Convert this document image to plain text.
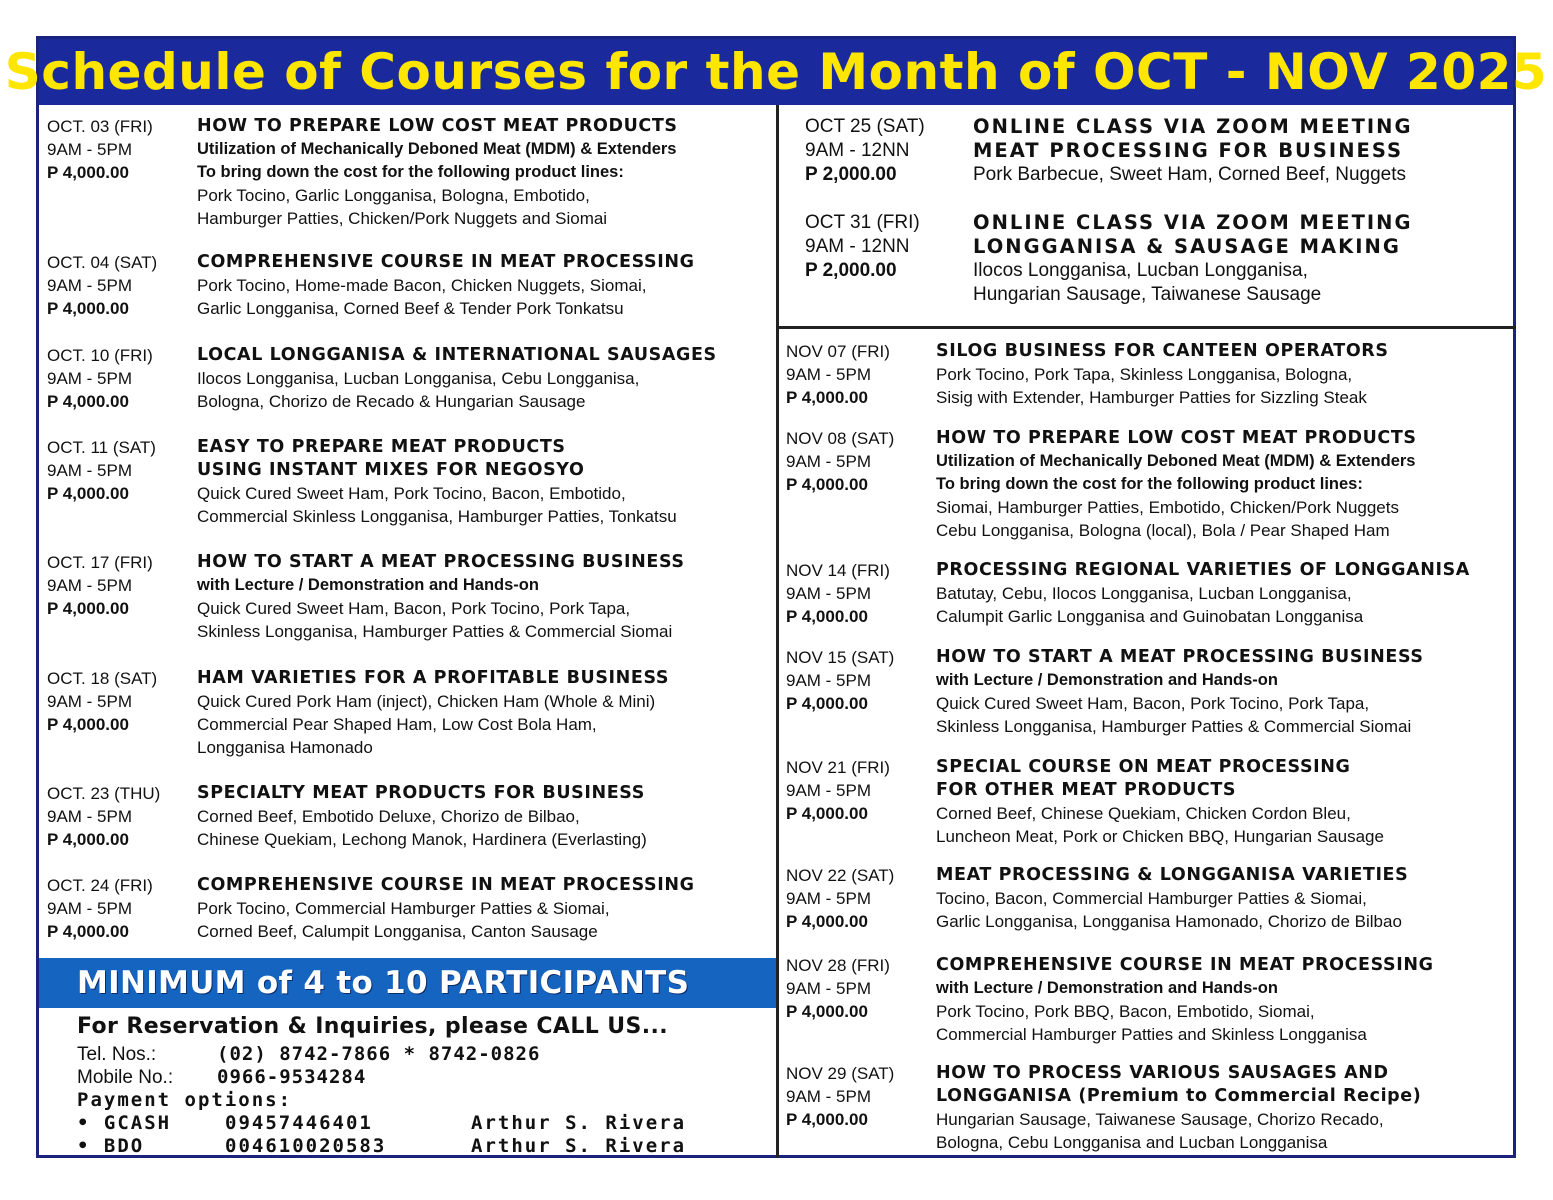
Schedule of Courses for the Month of OCT - NOV 2025
OCT. 03 (FRI)
9AM - 5PM
P 4,000.00
HOW TO PREPARE LOW COST MEAT PRODUCTS
Utilization of Mechanically Deboned Meat (MDM) & Extenders
To bring down the cost for the following product lines:
Pork Tocino, Garlic Longganisa, Bologna, Embotido,
Hamburger Patties, Chicken/Pork Nuggets and Siomai
OCT. 04 (SAT)
9AM - 5PM
P 4,000.00
COMPREHENSIVE COURSE IN MEAT PROCESSING
Pork Tocino, Home-made Bacon, Chicken Nuggets, Siomai,
Garlic Longganisa, Corned Beef & Tender Pork Tonkatsu
OCT. 10 (FRI)
9AM - 5PM
P 4,000.00
LOCAL LONGGANISA & INTERNATIONAL SAUSAGES
Ilocos Longganisa, Lucban Longganisa, Cebu Longganisa,
Bologna, Chorizo de Recado & Hungarian Sausage
OCT. 11 (SAT)
9AM - 5PM
P 4,000.00
EASY TO PREPARE MEAT PRODUCTS
USING INSTANT MIXES FOR NEGOSYO
Quick Cured Sweet Ham, Pork Tocino, Bacon, Embotido,
Commercial Skinless Longganisa, Hamburger Patties, Tonkatsu
OCT. 17 (FRI)
9AM - 5PM
P 4,000.00
HOW TO START A MEAT PROCESSING BUSINESS
with Lecture / Demonstration and Hands-on
Quick Cured Sweet Ham, Bacon, Pork Tocino, Pork Tapa,
Skinless Longganisa, Hamburger Patties & Commercial Siomai
OCT. 18 (SAT)
9AM - 5PM
P 4,000.00
HAM VARIETIES FOR A PROFITABLE BUSINESS
Quick Cured Pork Ham (inject), Chicken Ham (Whole & Mini)
Commercial Pear Shaped Ham, Low Cost Bola Ham,
Longganisa Hamonado
OCT. 23 (THU)
9AM - 5PM
P 4,000.00
SPECIALTY MEAT PRODUCTS FOR BUSINESS
Corned Beef, Embotido Deluxe, Chorizo de Bilbao,
Chinese Quekiam, Lechong Manok, Hardinera (Everlasting)
OCT. 24 (FRI)
9AM - 5PM
P 4,000.00
COMPREHENSIVE COURSE IN MEAT PROCESSING
Pork Tocino, Commercial Hamburger Patties & Siomai,
Corned Beef, Calumpit Longganisa, Canton Sausage
OCT 25 (SAT)
9AM - 12NN
P 2,000.00
ONLINE CLASS VIA ZOOM MEETING
MEAT PROCESSING FOR BUSINESS
Pork Barbecue, Sweet Ham, Corned Beef, Nuggets
OCT 31 (FRI)
9AM - 12NN
P 2,000.00
ONLINE CLASS VIA ZOOM MEETING
LONGGANISA & SAUSAGE MAKING
Ilocos Longganisa, Lucban Longganisa,
Hungarian Sausage, Taiwanese Sausage
NOV 07 (FRI)
9AM - 5PM
P 4,000.00
SILOG BUSINESS FOR CANTEEN OPERATORS
Pork Tocino, Pork Tapa, Skinless Longganisa, Bologna,
Sisig with Extender, Hamburger Patties for Sizzling Steak
NOV 08 (SAT)
9AM - 5PM
P 4,000.00
HOW TO PREPARE LOW COST MEAT PRODUCTS
Utilization of Mechanically Deboned Meat (MDM) & Extenders
To bring down the cost for the following product lines:
Siomai, Hamburger Patties, Embotido, Chicken/Pork Nuggets
Cebu Longganisa, Bologna (local), Bola / Pear Shaped Ham
NOV 14 (FRI)
9AM - 5PM
P 4,000.00
PROCESSING REGIONAL VARIETIES OF LONGGANISA
Batutay, Cebu, Ilocos Longganisa, Lucban Longganisa,
Calumpit Garlic Longganisa and Guinobatan Longganisa
NOV 15 (SAT)
9AM - 5PM
P 4,000.00
HOW TO START A MEAT PROCESSING BUSINESS
with Lecture / Demonstration and Hands-on
Quick Cured Sweet Ham, Bacon, Pork Tocino, Pork Tapa,
Skinless Longganisa, Hamburger Patties & Commercial Siomai
NOV 21 (FRI)
9AM - 5PM
P 4,000.00
SPECIAL COURSE ON MEAT PROCESSING
FOR OTHER MEAT PRODUCTS
Corned Beef, Chinese Quekiam, Chicken Cordon Bleu,
Luncheon Meat, Pork or Chicken BBQ, Hungarian Sausage
NOV 22 (SAT)
9AM - 5PM
P 4,000.00
MEAT PROCESSING & LONGGANISA VARIETIES
Tocino, Bacon, Commercial Hamburger Patties & Siomai,
Garlic Longganisa, Longganisa Hamonado, Chorizo de Bilbao
NOV 28 (FRI)
9AM - 5PM
P 4,000.00
COMPREHENSIVE COURSE IN MEAT PROCESSING
with Lecture / Demonstration and Hands-on
Pork Tocino, Pork BBQ, Bacon, Embotido, Siomai,
Commercial Hamburger Patties and Skinless Longganisa
NOV 29 (SAT)
9AM - 5PM
P 4,000.00
HOW TO PROCESS VARIOUS SAUSAGES AND
LONGGANISA (Premium to Commercial Recipe)
Hungarian Sausage, Taiwanese Sausage, Chorizo Recado,
Bologna, Cebu Longganisa and Lucban Longganisa
MINIMUM of 4 to 10 PARTICIPANTS
For Reservation & Inquiries, please CALL US...
Tel. Nos.:	(02) 8742-7866 * 8742-0826
Mobile No.: 0966-9534284
Payment options:
• GCASH	09457446401	Arthur S. Rivera
• BDO	004610020583	Arthur S. Rivera
